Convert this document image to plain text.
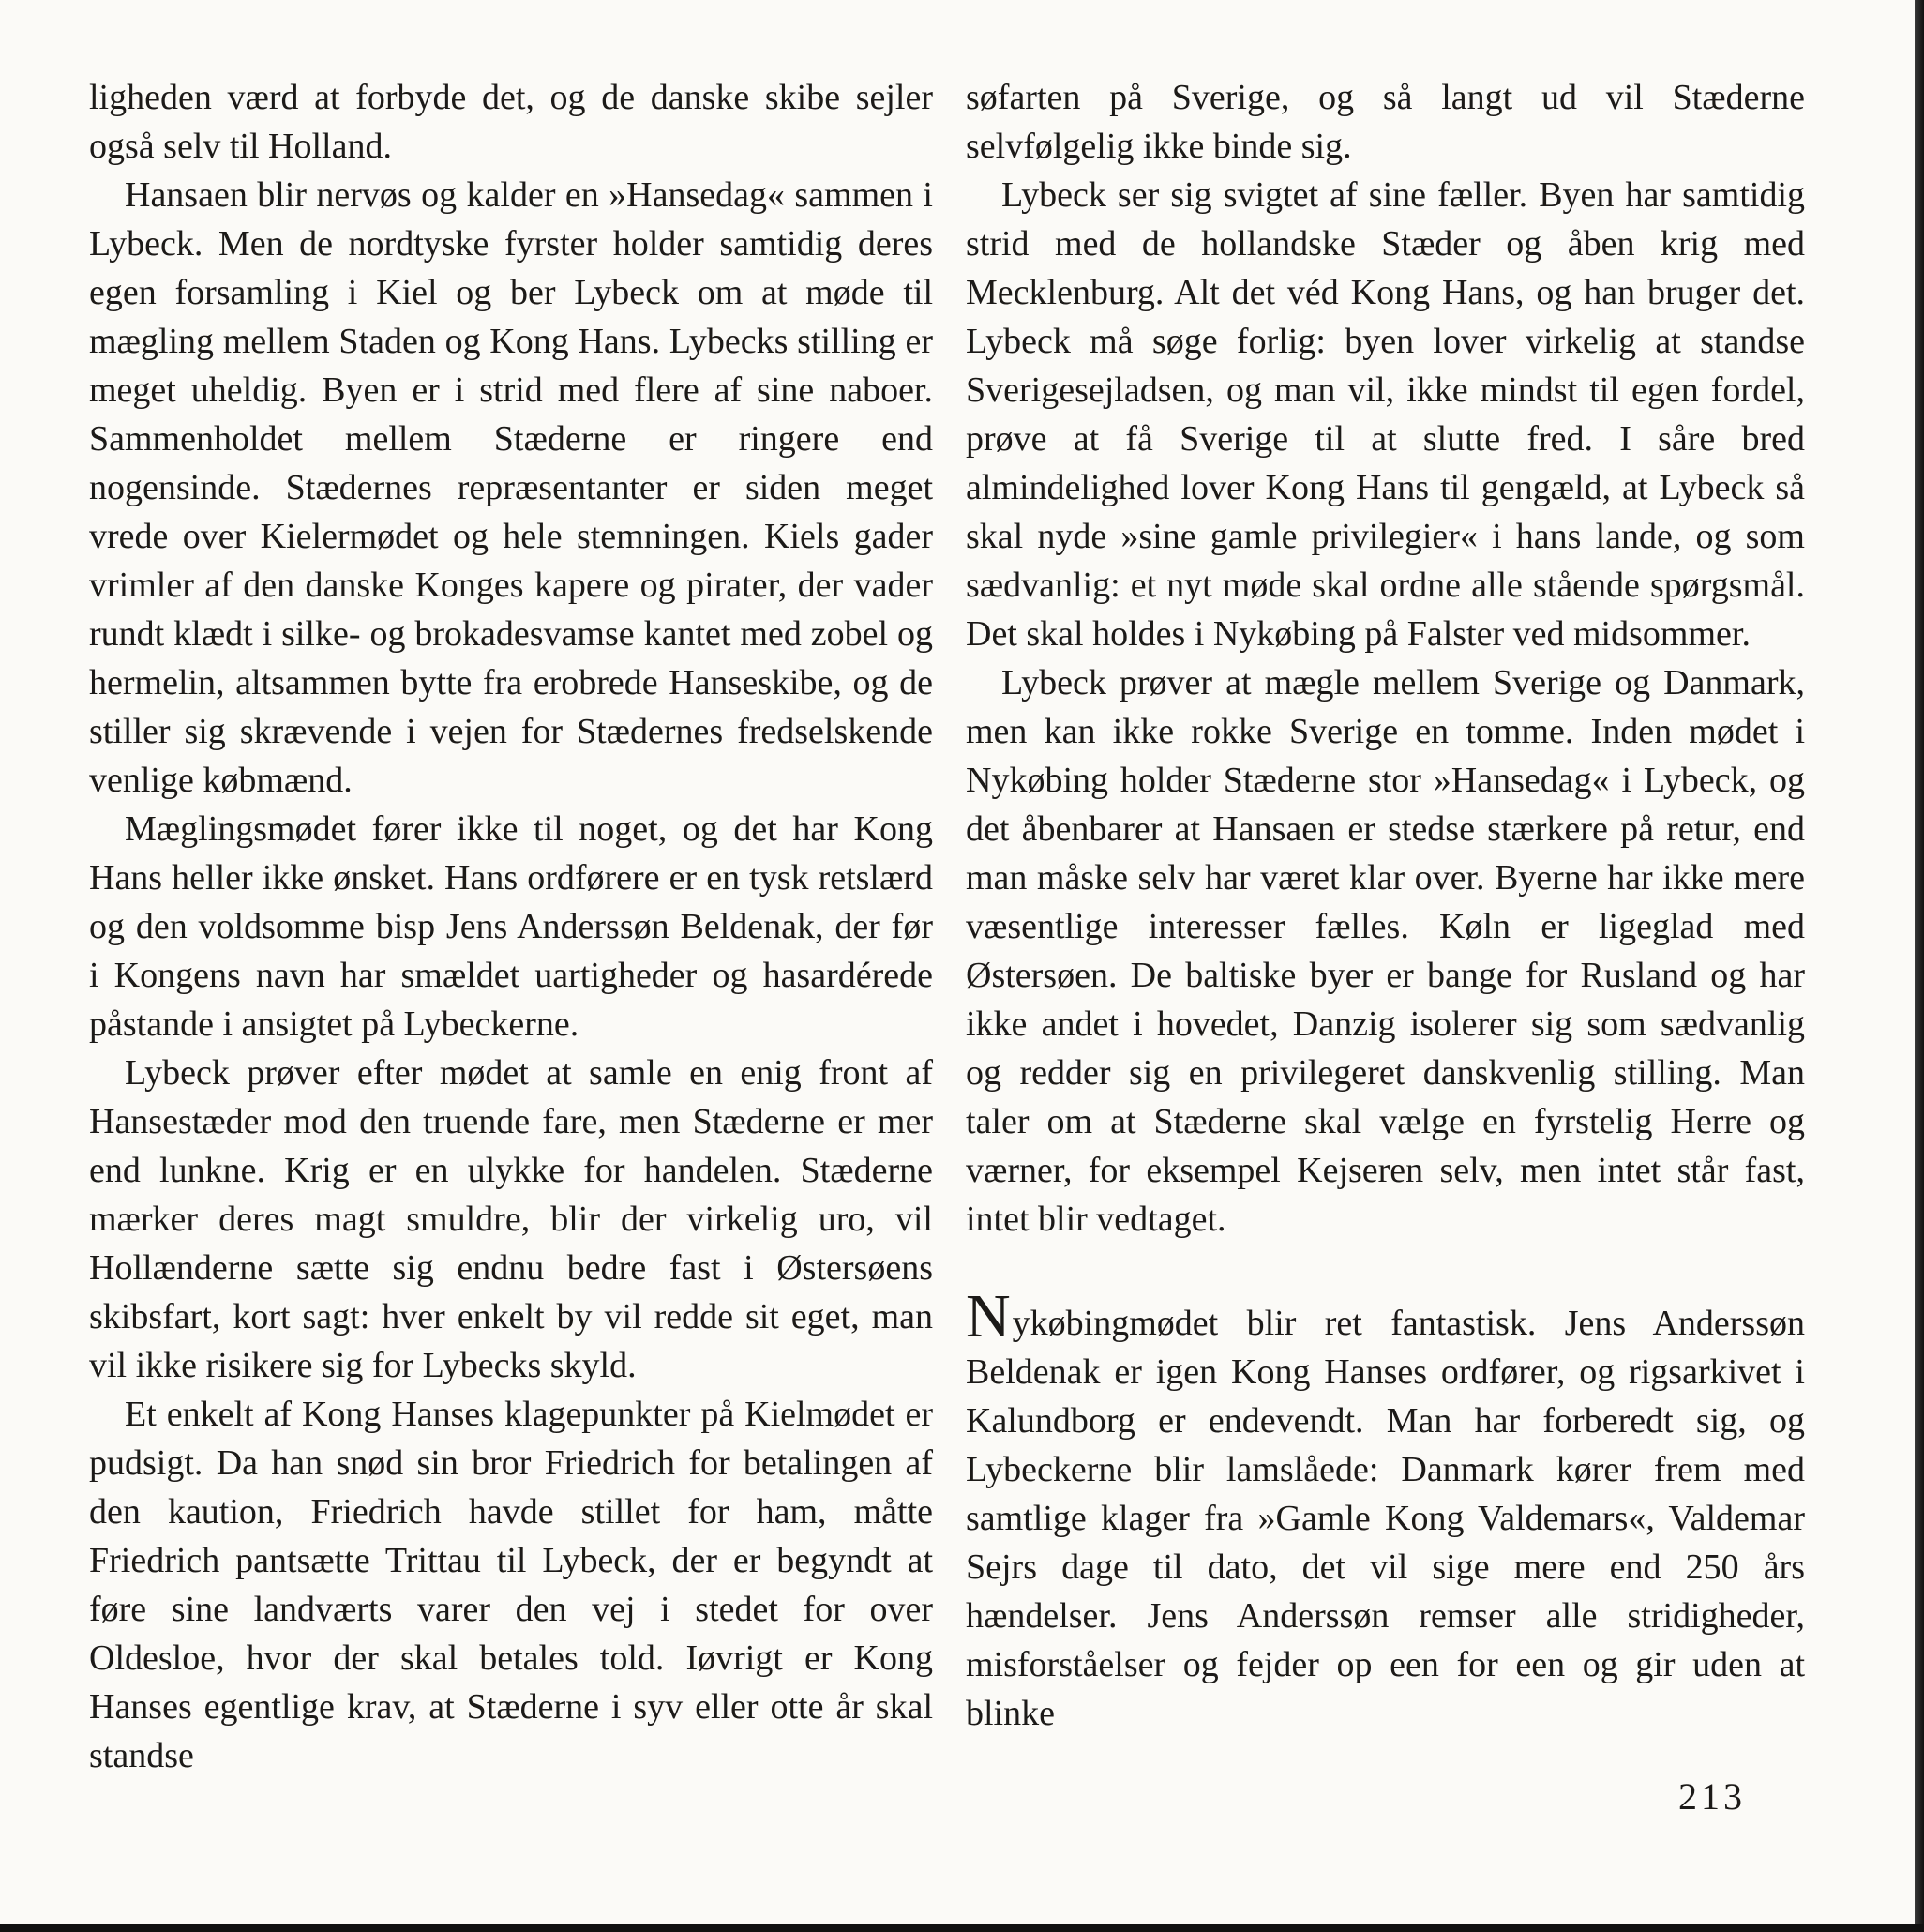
ligheden værd at forbyde det, og de danske skibe sejler også selv til Holland.

Hansaen blir nervøs og kalder en »Hansedag« sammen i Lybeck. Men de nordtyske fyrster holder samtidig deres egen forsamling i Kiel og ber Lybeck om at møde til mægling mellem Staden og Kong Hans. Lybecks stilling er meget uheldig. Byen er i strid med flere af sine naboer. Sammenholdet mellem Stæderne er ringere end nogensinde. Stædernes repræsentanter er siden meget vrede over Kielermødet og hele stemningen. Kiels gader vrimler af den danske Konges kapere og pirater, der vader rundt klædt i silke- og brokadesvamse kantet med zobel og hermelin, altsammen bytte fra erobrede Hanseskibe, og de stiller sig skrævende i vejen for Stædernes fredselskende venlige købmænd.

Mæglingsmødet fører ikke til noget, og det har Kong Hans heller ikke ønsket. Hans ordførere er en tysk retslærd og den voldsomme bisp Jens Anderssøn Beldenak, der før i Kongens navn har smældet uartigheder og hasardérede påstande i ansigtet på Lybeckerne.

Lybeck prøver efter mødet at samle en enig front af Hansestæder mod den truende fare, men Stæderne er mer end lunkne. Krig er en ulykke for handelen. Stæderne mærker deres magt smuldre, blir der virkelig uro, vil Hollænderne sætte sig endnu bedre fast i Østersøens skibsfart, kort sagt: hver enkelt by vil redde sit eget, man vil ikke risikere sig for Lybecks skyld.

Et enkelt af Kong Hanses klagepunkter på Kielmødet er pudsigt. Da han snød sin bror Friedrich for betalingen af den kaution, Friedrich havde stillet for ham, måtte Friedrich pantsætte Trittau til Lybeck, der er begyndt at føre sine landværts varer den vej i stedet for over Oldesloe, hvor der skal betales told. Iøvrigt er Kong Hanses egentlige krav, at Stæderne i syv eller otte år skal standse

søfarten på Sverige, og så langt ud vil Stæderne selvfølgelig ikke binde sig.

Lybeck ser sig svigtet af sine fæller. Byen har samtidig strid med de hollandske Stæder og åben krig med Mecklenburg. Alt det véd Kong Hans, og han bruger det. Lybeck må søge forlig: byen lover virkelig at standse Sverigesejladsen, og man vil, ikke mindst til egen fordel, prøve at få Sverige til at slutte fred. I såre bred almindelighed lover Kong Hans til gengæld, at Lybeck så skal nyde »sine gamle privilegier« i hans lande, og som sædvanlig: et nyt møde skal ordne alle stående spørgsmål. Det skal holdes i Nykøbing på Falster ved midsommer.

Lybeck prøver at mægle mellem Sverige og Danmark, men kan ikke rokke Sverige en tomme. Inden mødet i Nykøbing holder Stæderne stor »Hansedag« i Lybeck, og det åbenbarer at Hansaen er stedse stærkere på retur, end man måske selv har været klar over. Byerne har ikke mere væsentlige interesser fælles. Køln er ligeglad med Østersøen. De baltiske byer er bange for Rusland og har ikke andet i hovedet, Danzig isolerer sig som sædvanlig og redder sig en privilegeret danskvenlig stilling. Man taler om at Stæderne skal vælge en fyrstelig Herre og værner, for eksempel Kejseren selv, men intet står fast, intet blir vedtaget.

Nykøbingmødet blir ret fantastisk. Jens Anderssøn Beldenak er igen Kong Hanses ordfører, og rigsarkivet i Kalundborg er endevendt. Man har forberedt sig, og Lybeckerne blir lamslåede: Danmark kører frem med samtlige klager fra »Gamle Kong Valdemars«, Valdemar Sejrs dage til dato, det vil sige mere end 250 års hændelser. Jens Anderssøn remser alle stridigheder, misforståelser og fejder op een for een og gir uden at blinke

213
